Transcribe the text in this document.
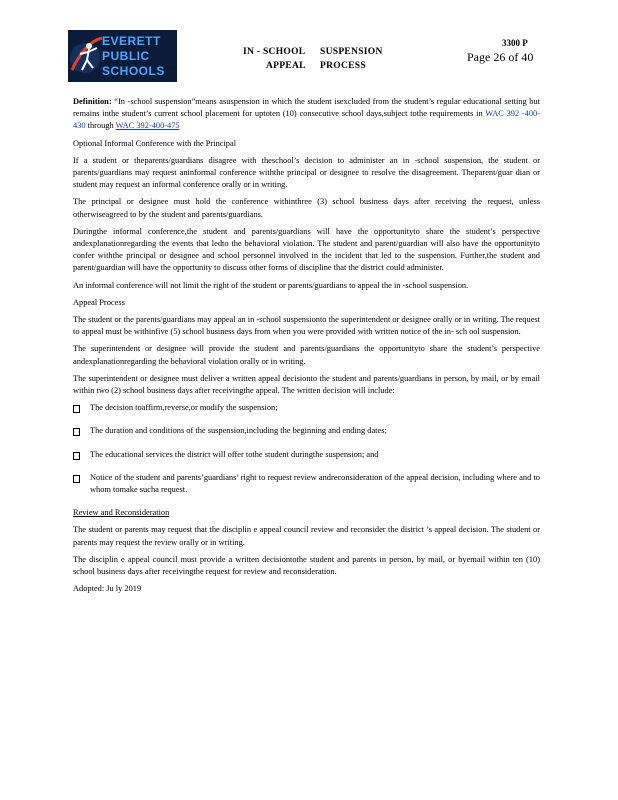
EVERETT
PUBLIC
SCHOOLS
IN - SCHOOL
APPEAL
SUSPENSION
PROCESS
3300 P
Page 26 of 40

Definition: “In -school suspension”means asuspension in which the student isexcluded from the student’s regular educational setting but remains inthe student’s current school placement for uptoten (10) consecutive school days,subject tothe requirements in WAC 392 -400-430 through WAC 392-400-475

Optional Informal Conference with the Principal

If a student or theparents/guardians disagree with theschool’s decision to administer an in -school suspension, the student or parents/guardians may request aninformal conference withthe principal or designee to resolve the disagreement. Theparent/guar dian or student may request an informal conference orally or in writing.

The principal or designee must hold the conference withinthree (3) school business days after receiving the request, unless otherwiseagreed to by the student and parents/guardians.

Duringthe informal conference,the student and parents/guardians will have the opportunityto share the student’s perspective andexplanationregarding the events that ledto the behavioral violation. The student and parent/guardian will also have the opportunityto confer withthe principal or designee and school personnel involved in the incident that led to the suspension. Further,the student and parent/guardian will have the opportunity to discuss other forms of discipline that the district could administer.

An informal conference will not limit the right of the student or parents/guardians to appeal the in -school suspension.

Appeal Process

The student or the parents/guardians may appeal an in -school suspensionto the superintendent or designee orally or in writing. The request to appeal must be withinfive (5) school business days from when you were provided with written notice of the in- sch ool suspension.

The superintendent or designee will provide the student and parents/guardians the opportunityto share the student’s perspective andexplanationregarding the behavioral violation orally or in writing.

The superintendent or designee must deliver a written appeal decisionto the student and parents/guardians in person, by mail, or by email within two (2) school business days after receivingthe appeal. The written decision will include:

The decision toaffirm,reverse,or modify the suspension;
The duration and conditions of the suspension,including the beginning and ending dates;
The educational services the district will offer tothe student duringthe suspension; and
Notice of the student and parents’guardians’ right to request review andreconsideration of the appeal decision, including where and to whom tomake sucha request.

Review and Reconsideration

The student or parents may request that the disciplin e appeal council review and reconsider the district ’s appeal decision. The student or parents may request the review orally or in writing.

The disciplin e appeal council must provide a written decisiontothe student and parents in person, by mail, or byemail within ten (10) school business days after receivingthe request for review and reconsideration.

Adopted: Ju ly 2019
